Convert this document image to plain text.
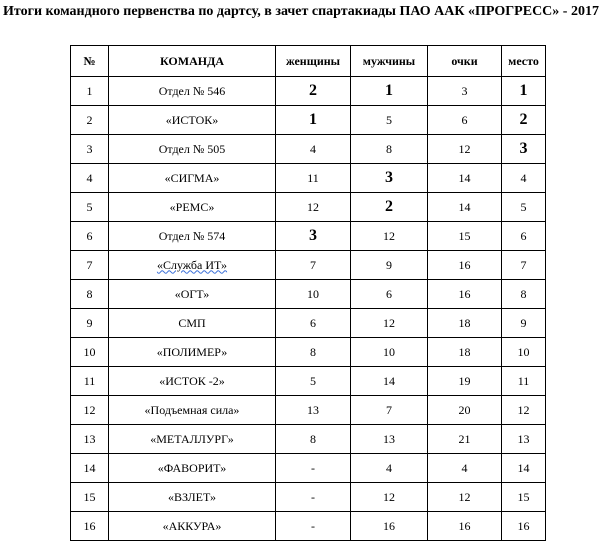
Итоги командного первенства по дартсу, в зачет спартакиады ПАО ААК «ПРОГРЕСС» - 2017
№	КОМАНДА	женщины	мужчины	очки	место
1	Отдел № 546	2	1	3	1
2	«ИСТОК»	1	5	6	2
3	Отдел № 505	4	8	12	3
4	«СИГМА»	11	3	14	4
5	«РЕМС»	12	2	14	5
6	Отдел № 574	3	12	15	6
7	«Служба ИТ»	7	9	16	7
8	«ОГТ»	10	6	16	8
9	СМП	6	12	18	9
10	«ПОЛИМЕР»	8	10	18	10
11	«ИСТОК -2»	5	14	19	11
12	«Подъемная сила»	13	7	20	12
13	«МЕТАЛЛУРГ»	8	13	21	13
14	«ФАВОРИТ»	-	4	4	14
15	«ВЗЛЕТ»	-	12	12	15
16	«АККУРА»	-	16	16	16
